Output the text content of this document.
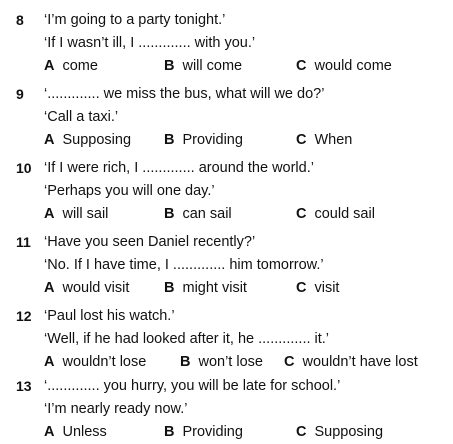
8	‘I’m going to a party tonight.’
‘If I wasn’t ill, I ............. with you.’
A come	B will come	C would come
9	‘............. we miss the bus, what will we do?’
‘Call a taxi.’
A Supposing B Providing	C When
10 ‘If I were rich, I ............. around the world.’
‘Perhaps you will one day.’
A will sail	B can sail	C could sail
11 ‘Have you seen Daniel recently?’
‘No. If I have time, I ............. him tomorrow.’
A would visit B might visit	C visit
12 ‘Paul lost his watch.’
‘Well, if he had looked after it, he ............. it.’
A wouldn’t lose B won’t lose C wouldn’t have lost
13 ‘............. you hurry, you will be late for school.’
‘I’m nearly ready now.’
A Unless	B Providing	C Supposing
